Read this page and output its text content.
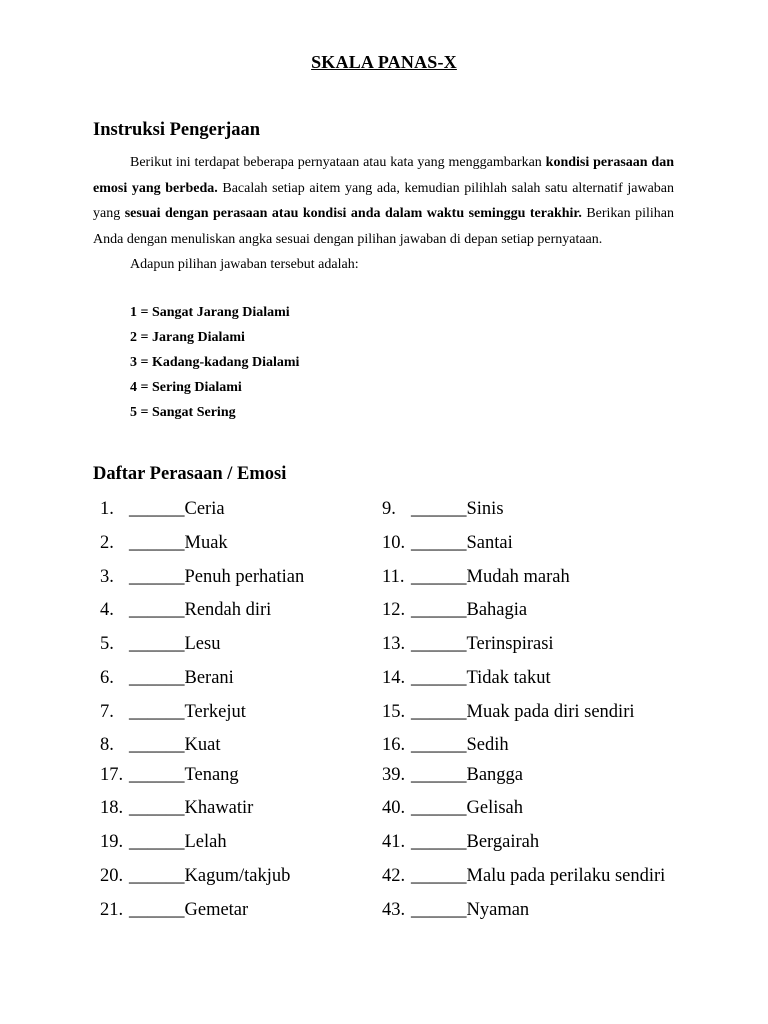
SKALA PANAS-X
Instruksi Pengerjaan

Berikut ini terdapat beberapa pernyataan atau kata yang menggambarkan kondisi perasaan dan emosi yang berbeda. Bacalah setiap aitem yang ada, kemudian pilihlah salah satu alternatif jawaban yang sesuai dengan perasaan atau kondisi anda dalam waktu seminggu terakhir. Berikan pilihan Anda dengan menuliskan angka sesuai dengan pilihan jawaban di depan setiap pernyataan.

Adapun pilihan jawaban tersebut adalah:

1 = Sangat Jarang Dialami
2 = Jarang Dialami
3 = Kadang-kadang Dialami
4 = Sering Dialami
5 = Sangat Sering
Daftar Perasaan / Emosi
1. ______Ceria
2. ______Muak
3. ______Penuh perhatian
4. ______Rendah diri
5. ______Lesu
6. ______Berani
7. ______Terkejut
8. ______Kuat
17. ______Tenang
18. ______Khawatir
19. ______Lelah
20. ______Kagum/takjub
21. ______Gemetar
9. ______Sinis
10. ______Santai
11. ______Mudah marah
12. ______Bahagia
13. ______Terinspirasi
14. ______Tidak takut
15. ______Muak pada diri sendiri
16. ______Sedih
39. ______Bangga
40. ______Gelisah
41. ______Bergairah
42. ______Malu pada perilaku sendiri
43. ______Nyaman
